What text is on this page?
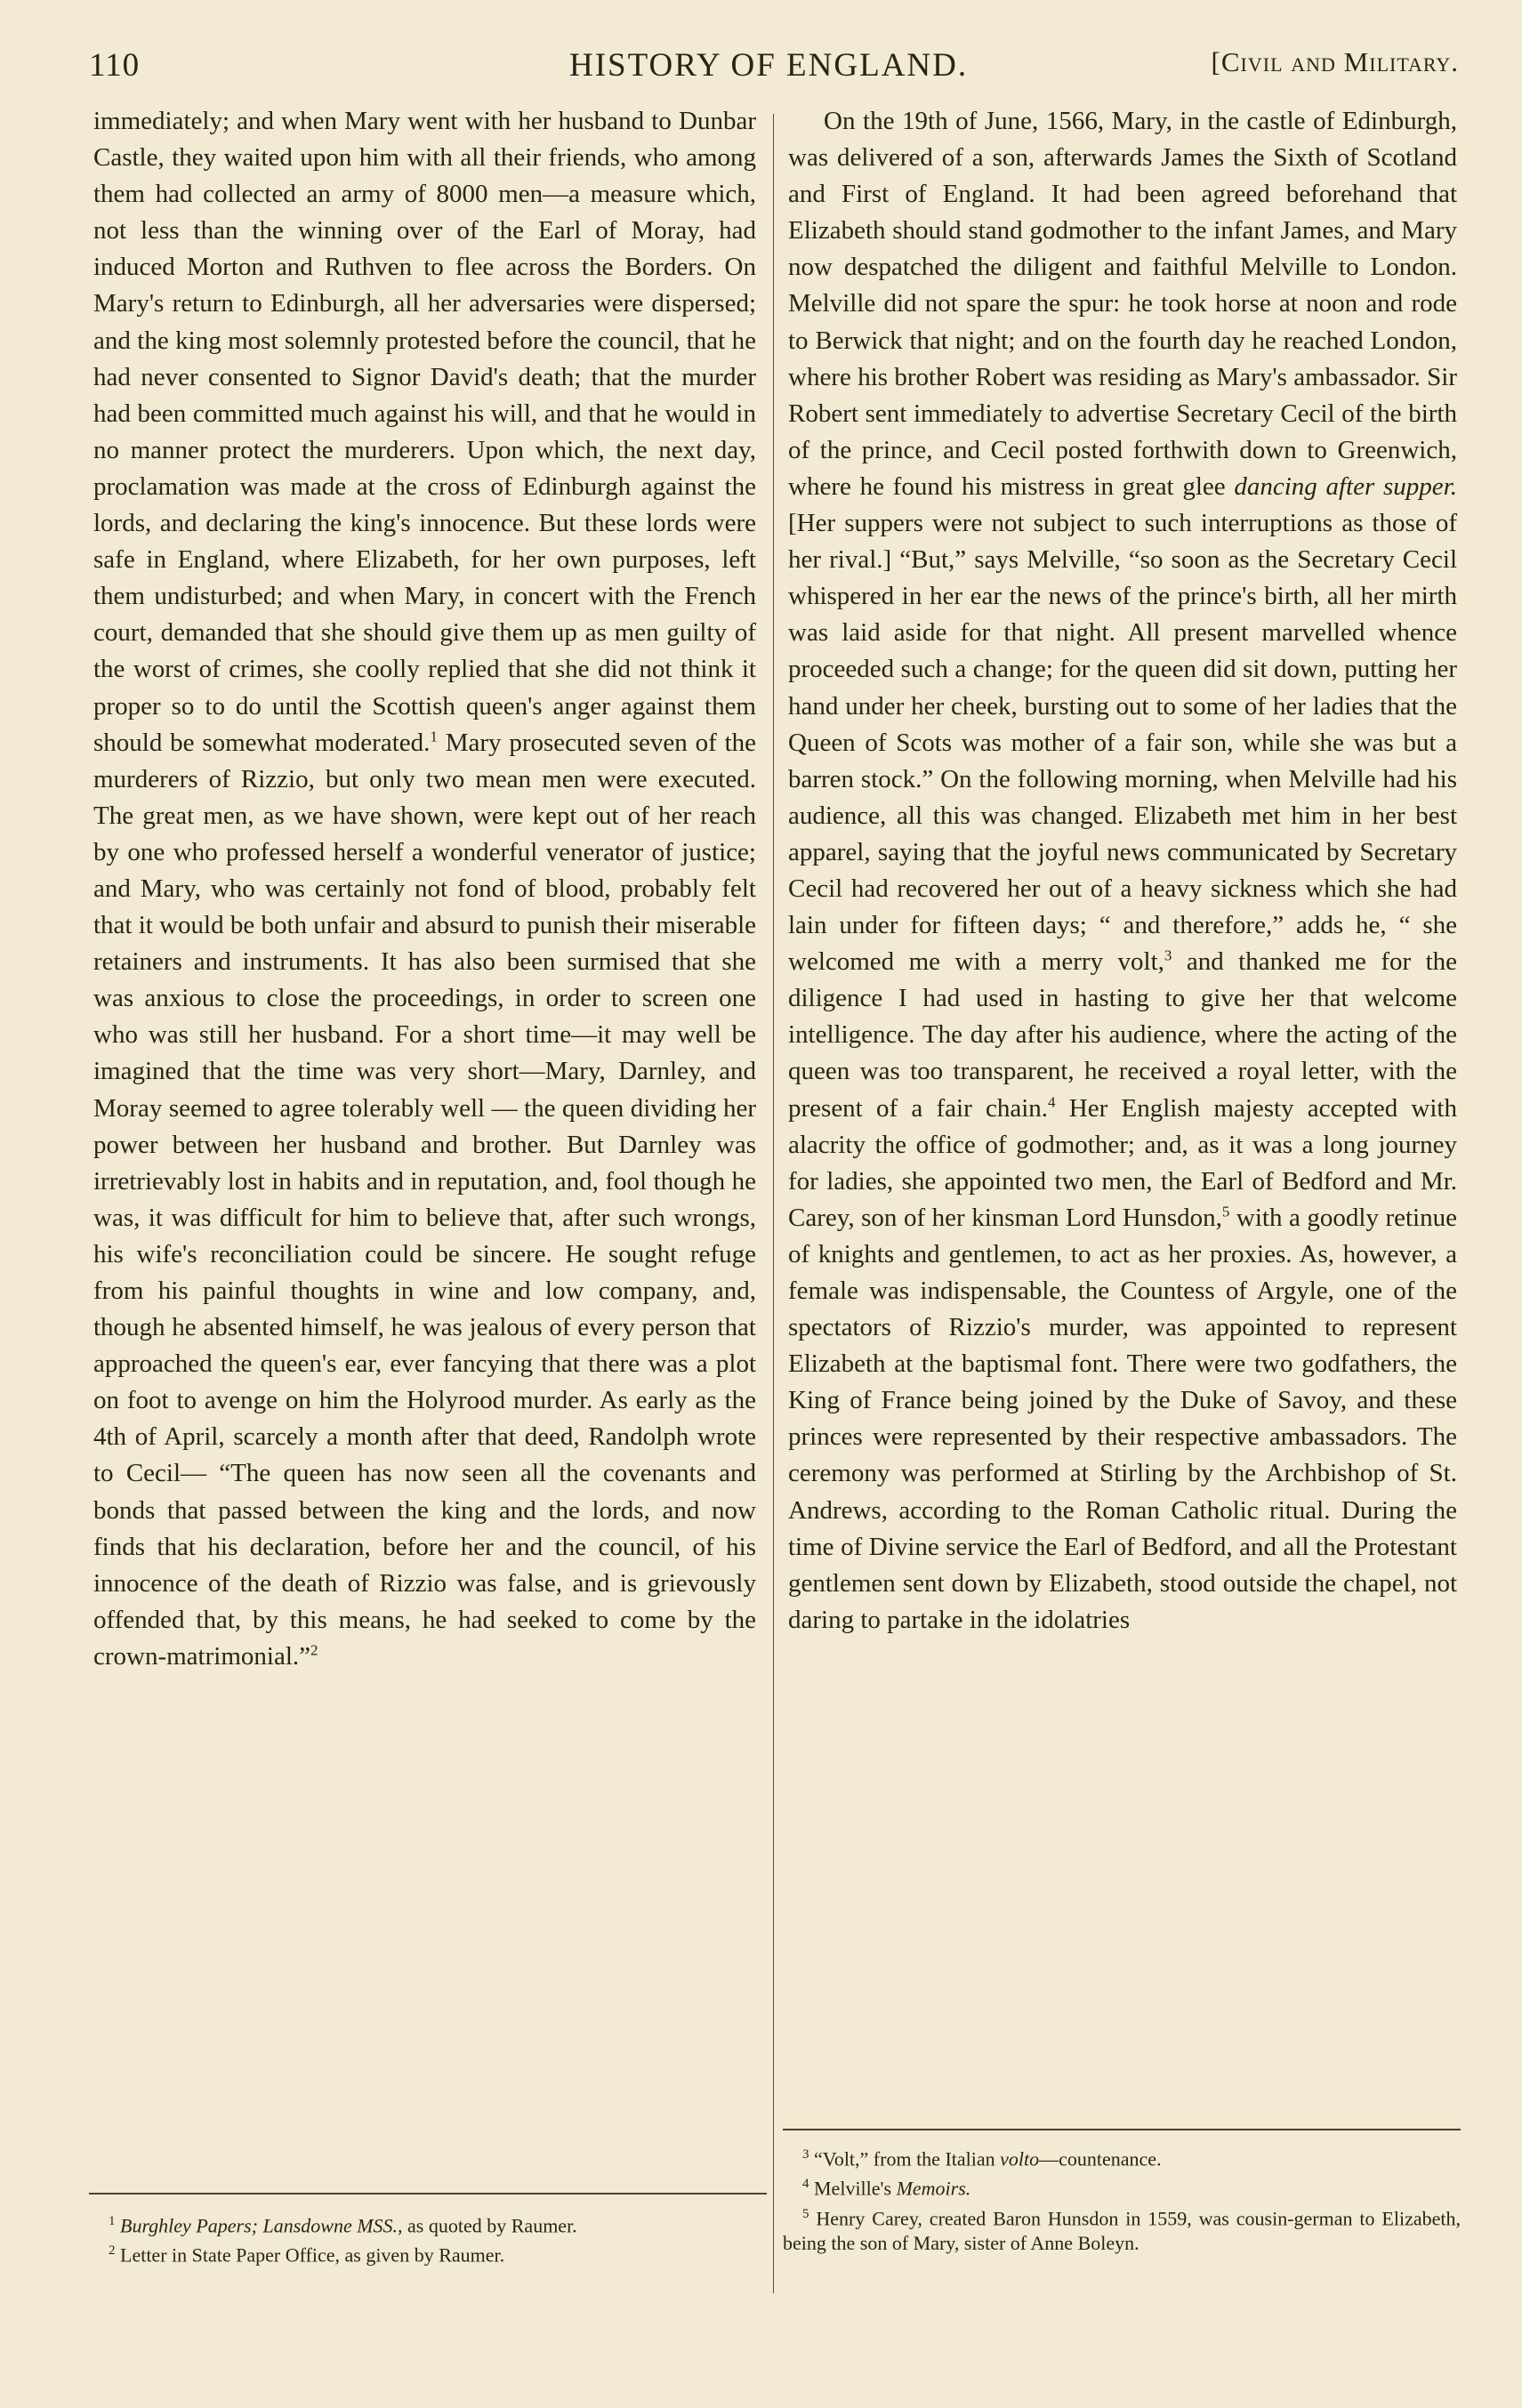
110	HISTORY OF ENGLAND.	[Civil and Military.

immediately; and when Mary went with her husband to Dunbar Castle, they waited upon him with all their friends, who among them had collected an army of 8000 men—a measure which, not less than the winning over of the Earl of Moray, had induced Morton and Ruthven to flee across the Borders. On Mary's return to Edinburgh, all her adversaries were dispersed; and the king most solemnly protested before the council, that he had never consented to Signor David's death; that the murder had been committed much against his will, and that he would in no manner protect the murderers. Upon which, the next day, proclamation was made at the cross of Edinburgh against the lords, and declaring the king's innocence. But these lords were safe in England, where Elizabeth, for her own purposes, left them undisturbed; and when Mary, in concert with the French court, demanded that she should give them up as men guilty of the worst of crimes, she coolly replied that she did not think it proper so to do until the Scottish queen's anger against them should be somewhat moderated.$^1$ Mary prosecuted seven of the murderers of Rizzio, but only two mean men were executed. The great men, as we have shown, were kept out of her reach by one who professed herself a wonderful venerator of justice; and Mary, who was certainly not fond of blood, probably felt that it would be both unfair and absurd to punish their miserable retainers and instruments. It has also been surmised that she was anxious to close the proceedings, in order to screen one who was still her husband. For a short time—it may well be imagined that the time was very short—Mary, Darnley, and Moray seemed to agree tolerably well — the queen dividing her power between her husband and brother. But Darnley was irretrievably lost in habits and in reputation, and, fool though he was, it was difficult for him to believe that, after such wrongs, his wife's reconciliation could be sincere. He sought refuge from his painful thoughts in wine and low company, and, though he absented himself, he was jealous of every person that approached the queen's ear, ever fancying that there was a plot on foot to avenge on him the Holyrood murder. As early as the 4th of April, scarcely a month after that deed, Randolph wrote to Cecil— “The queen has now seen all the covenants and bonds that passed between the king and the lords, and now finds that his declaration, before her and the council, of his innocence of the death of Rizzio was false, and is grievously offended that, by this means, he had seeked to come by the crown-matrimonial.”$^2$

On the 19th of June, 1566, Mary, in the castle of Edinburgh, was delivered of a son, afterwards James the Sixth of Scotland and First of England. It had been agreed beforehand that Elizabeth should stand godmother to the infant James, and Mary now despatched the diligent and faithful Melville to London. Melville did not spare the spur: he took horse at noon and rode to Berwick that night; and on the fourth day he reached London, where his brother Robert was residing as Mary's ambassador. Sir Robert sent immediately to advertise Secretary Cecil of the birth of the prince, and Cecil posted forthwith down to Greenwich, where he found his mistress in great glee dancing after supper. [Her suppers were not subject to such interruptions as those of her rival.] “But,” says Melville, “so soon as the Secretary Cecil whispered in her ear the news of the prince's birth, all her mirth was laid aside for that night. All present marvelled whence proceeded such a change; for the queen did sit down, putting her hand under her cheek, bursting out to some of her ladies that the Queen of Scots was mother of a fair son, while she was but a barren stock.” On the following morning, when Melville had his audience, all this was changed. Elizabeth met him in her best apparel, saying that the joyful news communicated by Secretary Cecil had recovered her out of a heavy sickness which she had lain under for fifteen days; “ and therefore,” adds he, “ she welcomed me with a merry volt,$^3$ and thanked me for the diligence I had used in hasting to give her that welcome intelligence. The day after his audience, where the acting of the queen was too transparent, he received a royal letter, with the present of a fair chain.$^4$ Her English majesty accepted with alacrity the office of godmother; and, as it was a long journey for ladies, she appointed two men, the Earl of Bedford and Mr. Carey, son of her kinsman Lord Hunsdon,$^5$ with a goodly retinue of knights and gentlemen, to act as her proxies. As, however, a female was indispensable, the Countess of Argyle, one of the spectators of Rizzio's murder, was appointed to represent Elizabeth at the baptismal font. There were two godfathers, the King of France being joined by the Duke of Savoy, and these princes were represented by their respective ambassadors. The ceremony was performed at Stirling by the Archbishop of St. Andrews, according to the Roman Catholic ritual. During the time of Divine service the Earl of Bedford, and all the Protestant gentlemen sent down by Elizabeth, stood outside the chapel, not daring to partake in the idolatries

$^1$ Burghley Papers; Lansdowne MSS., as quoted by Raumer.

$^2$ Letter in State Paper Office, as given by Raumer.

$^3$ “Volt,” from the Italian volto—countenance.

$^4$ Melville's Memoirs.

$^5$ Henry Carey, created Baron Hunsdon in 1559, was cousin-german to Elizabeth, being the son of Mary, sister of Anne Boleyn.
